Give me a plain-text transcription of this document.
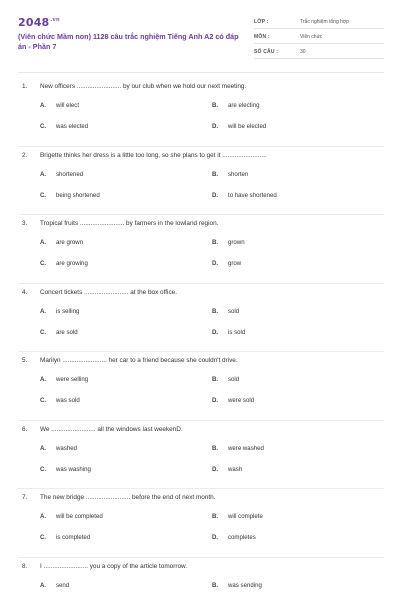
$2048^{.vn}$
(Viên chức Mầm non) 1128 câu trắc nghiệm Tiếng Anh A2 có đáp án - Phần 7
LỚP :	Trắc nghiệm tổng hợp
MÔN :	Viên chức
SỐ CÂU :	30
1. New officers ......................... by our club when we hold our next meeting.
A. will elect	B. are electing
C. was elected	D. will be elected
2. Brigette thinks her dress is a little too long, so she plans to get it .........................
A. shortened	B. shorten
C. being shortened	D. to have shortened
3. Tropical fruits ......................... by farmers in the lowland region.
A. are grown	B. grown
C. are growing	D. grow
4. Concert tickets ......................... at the box office.
A. is selling	B. sold
C. are sold	D. is sold
5. Marilyn ......................... her car to a friend because she couldn't drive.
A. were selling	B. sold
C. was sold	D. were sold
6. We ......................... all the windows last weekenD.
A. washed	B. were washed
C. was washing	D. wash
7. The new bridge ......................... before the end of next month.
A. will be completed	B. will complete
C. is completed	D. completes
8. I ......................... you a copy of the article tomorrow.
A. send	B. was sending
